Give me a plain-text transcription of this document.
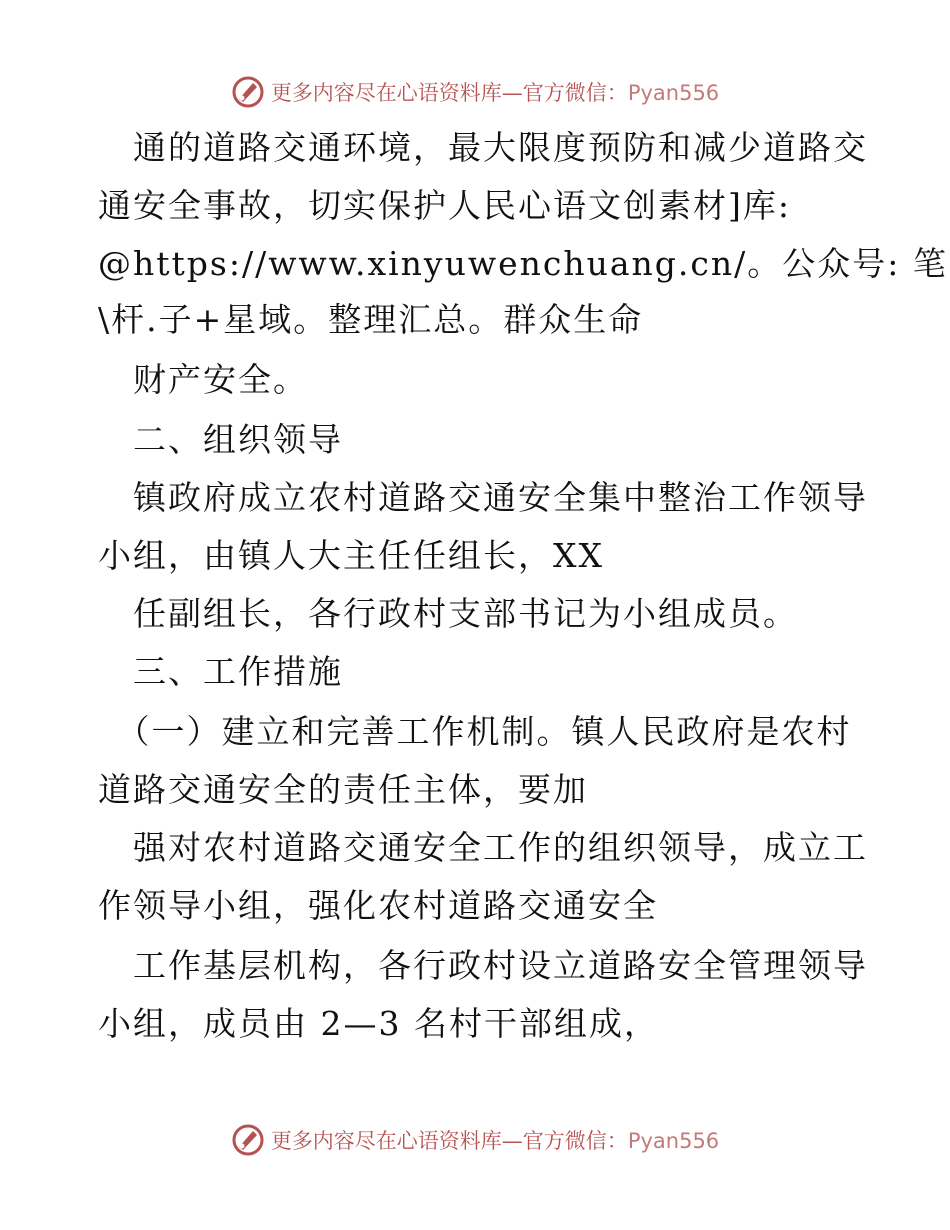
更多内容尽在心语资料库—官方微信：Pyan556
　通的道路交通环境，最大限度预防和减少道路交
通安全事故，切实保护人民心语文创素材]库:
@https://www.xinyuwenchuang.cn/。公众号: 笔
\杆.子+星域。整理汇总。群众生命
　财产安全。
　二、组织领导
　镇政府成立农村道路交通安全集中整治工作领导
小组，由镇人大主任任组长，XX
　任副组长，各行政村支部书记为小组成员。
　三、工作措施
　（一）建立和完善工作机制。镇人民政府是农村
道路交通安全的责任主体，要加
　强对农村道路交通安全工作的组织领导，成立工
作领导小组，强化农村道路交通安全
　工作基层机构，各行政村设立道路安全管理领导
小组，成员由 2—3 名村干部组成，
更多内容尽在心语资料库—官方微信：Pyan556
